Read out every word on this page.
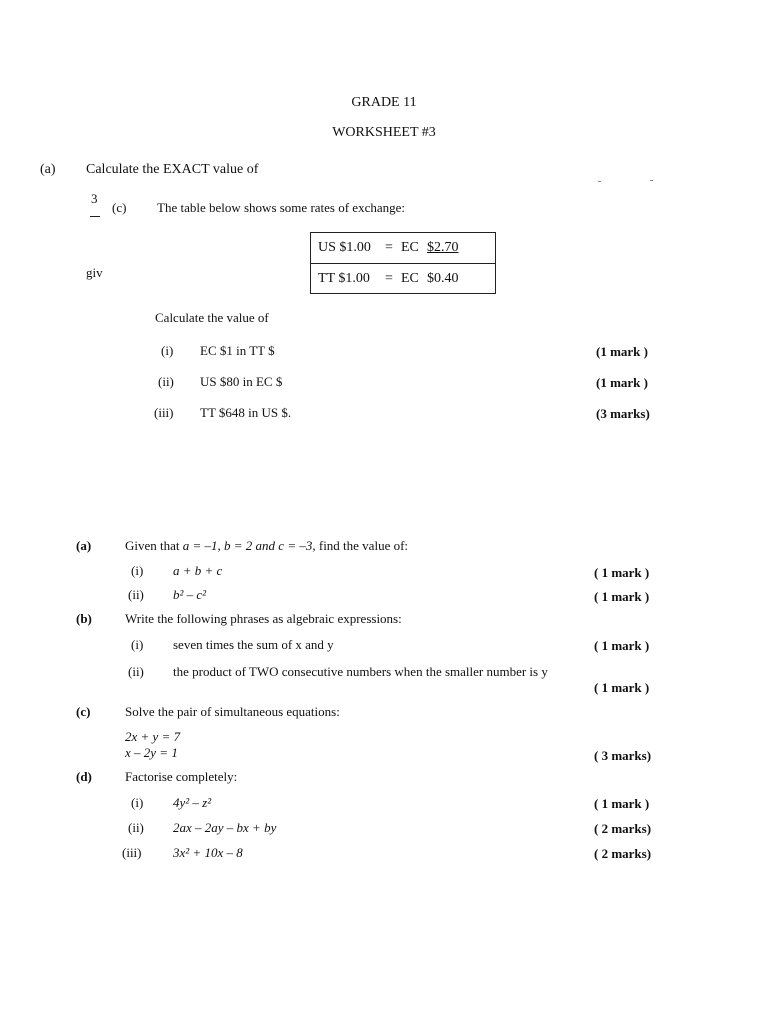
GRADE 11
WORKSHEET #3
(a) Calculate the EXACT value of
3
(c) The table below shows some rates of exchange:
giv
US $1.00 = EC $2.70
TT $1.00 = EC $0.40
Calculate the value of
(i) EC $1 in TT $	(1 mark )
(ii) US $80 in EC $	(1 mark )
(iii) TT $648 in US $.	(3 marks)
(a)	Given that a = –1, b = 2 and c = –3, find the value of:
(i) a + b + c	( 1 mark )
(ii) b² – c²	( 1 mark )
(b)	Write the following phrases as algebraic expressions:
(i) seven times the sum of x and y	( 1 mark )
(ii) the product of TWO consecutive numbers when the smaller number is y
( 1 mark )
(c)	Solve the pair of simultaneous equations:
2x + y = 7
x – 2y = 1	( 3 marks)
(d)	Factorise completely:
(i) 4y² – z²	( 1 mark )
(ii) 2ax – 2ay – bx + by	( 2 marks)
(iii) 3x² + 10x – 8	( 2 marks)
